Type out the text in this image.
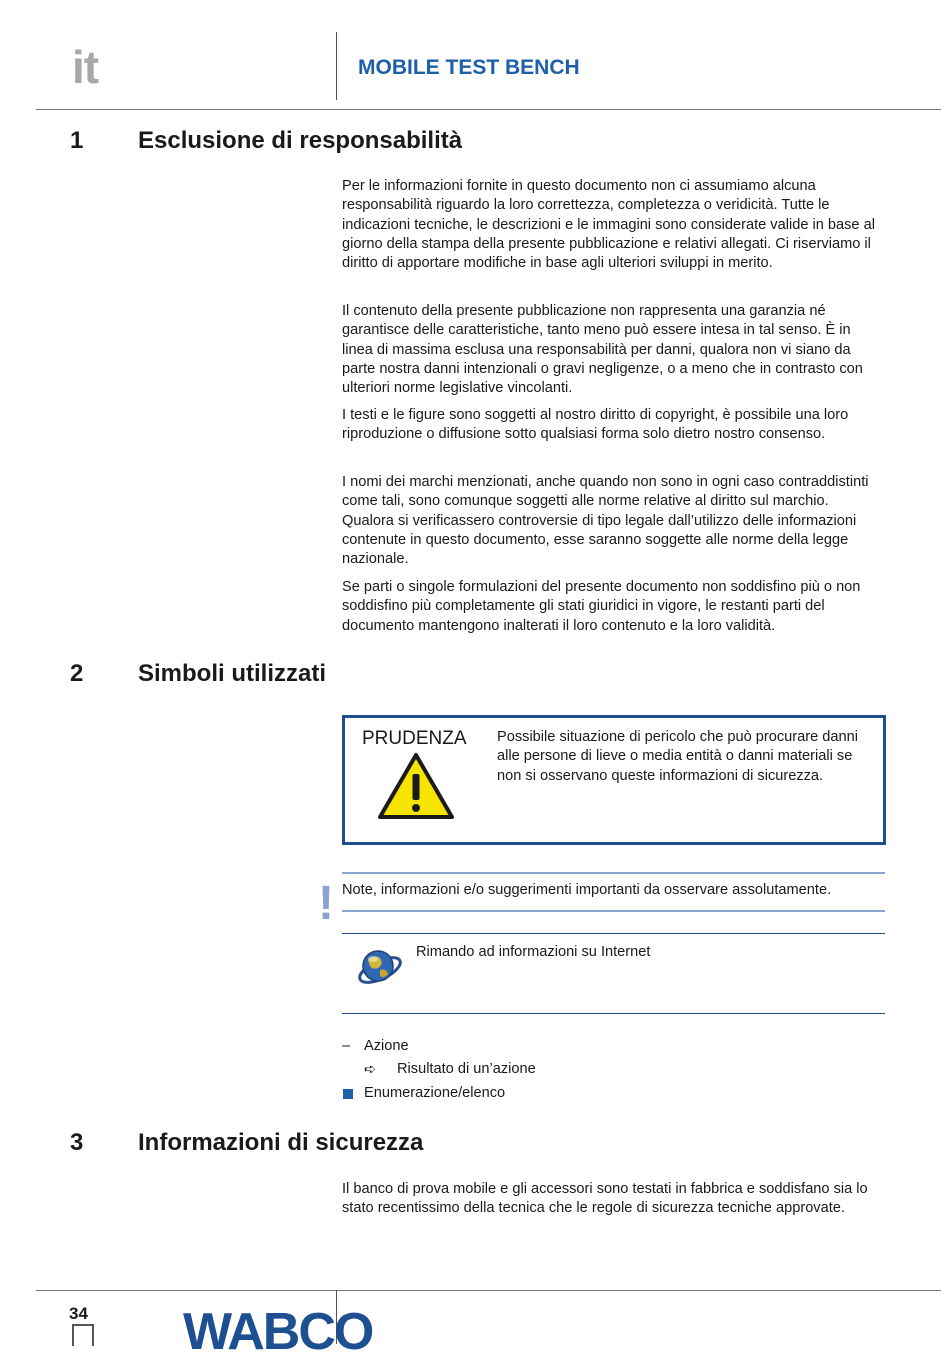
it	MOBILE TEST BENCH
1 Esclusione di responsabilità

Per le informazioni fornite in questo documento non ci assumiamo alcuna responsabilità riguardo la loro correttezza, completezza o veridicità. Tutte le indicazioni tecniche, le descrizioni e le immagini sono considerate valide in base al giorno della stampa della presente pubblicazione e relativi allegati. Ci riserviamo il diritto di apportare modifiche in base agli ulteriori sviluppi in merito.

Il contenuto della presente pubblicazione non rappresenta una garanzia né garantisce delle caratteristiche, tanto meno può essere intesa in tal senso. È in linea di massima esclusa una responsabilità per danni, qualora non vi siano da parte nostra danni intenzionali o gravi negligenze, o a meno che in contrasto con ulteriori norme legislative vincolanti.

I testi e le figure sono soggetti al nostro diritto di copyright, è possibile una loro riproduzione o diffusione sotto qualsiasi forma solo dietro nostro consenso.

I nomi dei marchi menzionati, anche quando non sono in ogni caso contraddistinti come tali, sono comunque soggetti alle norme relative al diritto sul marchio. Qualora si verificassero controversie di tipo legale dall’utilizzo delle informazioni contenute in questo documento, esse saranno soggette alle norme della legge nazionale.

Se parti o singole formulazioni del presente documento non soddisfino più o non soddisfino più completamente gli stati giuridici in vigore, le restanti parti del documento mantengono inalterati il loro contenuto e la loro validità.

2 Simboli utilizzati
PRUDENZA Possibile situazione di pericolo che può procurare danni alle persone di lieve o media entità o danni materiali se non si osservano queste informazioni di sicurezza.

! Note, informazioni e/o suggerimenti importanti da osservare assolutamente.
Rimando ad informazioni su Internet
– Azione
➪ Risultato di un’azione
Enumerazione/elenco
3 Informazioni di sicurezza

Il banco di prova mobile e gli accessori sono testati in fabbrica e soddisfano sia lo stato recentissimo della tecnica che le regole di sicurezza tecniche approvate.

34 WABCO
